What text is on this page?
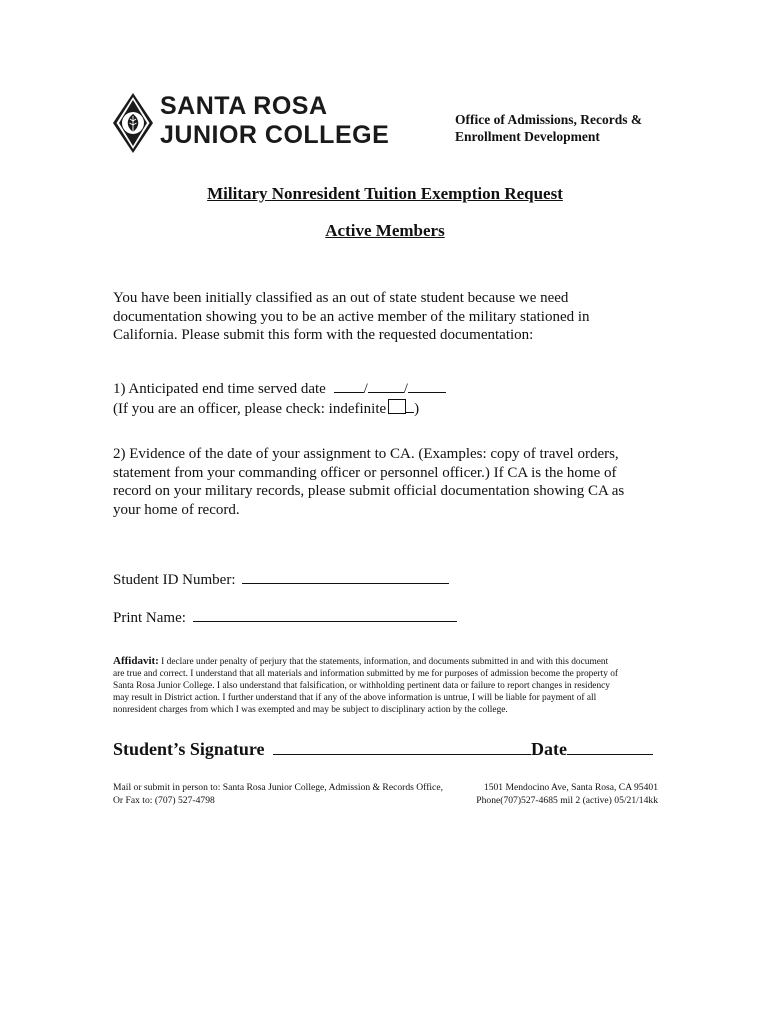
SANTA ROSA
JUNIOR COLLEGE
Office of Admissions, Records &
Enrollment Development
Military Nonresident Tuition Exemption Request
Active Members
You have been initially classified as an out of state student because we need
documentation showing you to be an active member of the military stationed in
California. Please submit this form with the requested documentation:
1) Anticipated end time served date	/ /
(If you are an officer, please check: indefinite )
2) Evidence of the date of your assignment to CA. (Examples: copy of travel orders,
statement from your commanding officer or personnel officer.) If CA is the home of
record on your military records, please submit official documentation showing CA as
your home of record.
Student ID Number:
Print Name:
Affidavit: I declare under penalty of perjury that the statements, information, and documents submitted in and with this document
are true and correct. I understand that all materials and information submitted by me for purposes of admission become the property of
Santa Rosa Junior College. I also understand that falsification, or withholding pertinent data or failure to report changes in residency
may result in District action. I further understand that if any of the above information is untrue, I will be liable for payment of all
nonresident charges from which I was exempted and may be subject to disciplinary action by the college.
Student’s Signature	Date
Mail or submit in person to: Santa Rosa Junior College, Admission & Records Office,	1501 Mendocino Ave, Santa Rosa, CA 95401
Or Fax to: (707) 527-4798	Phone(707)527-4685 mil 2 (active) 05/21/14kk
